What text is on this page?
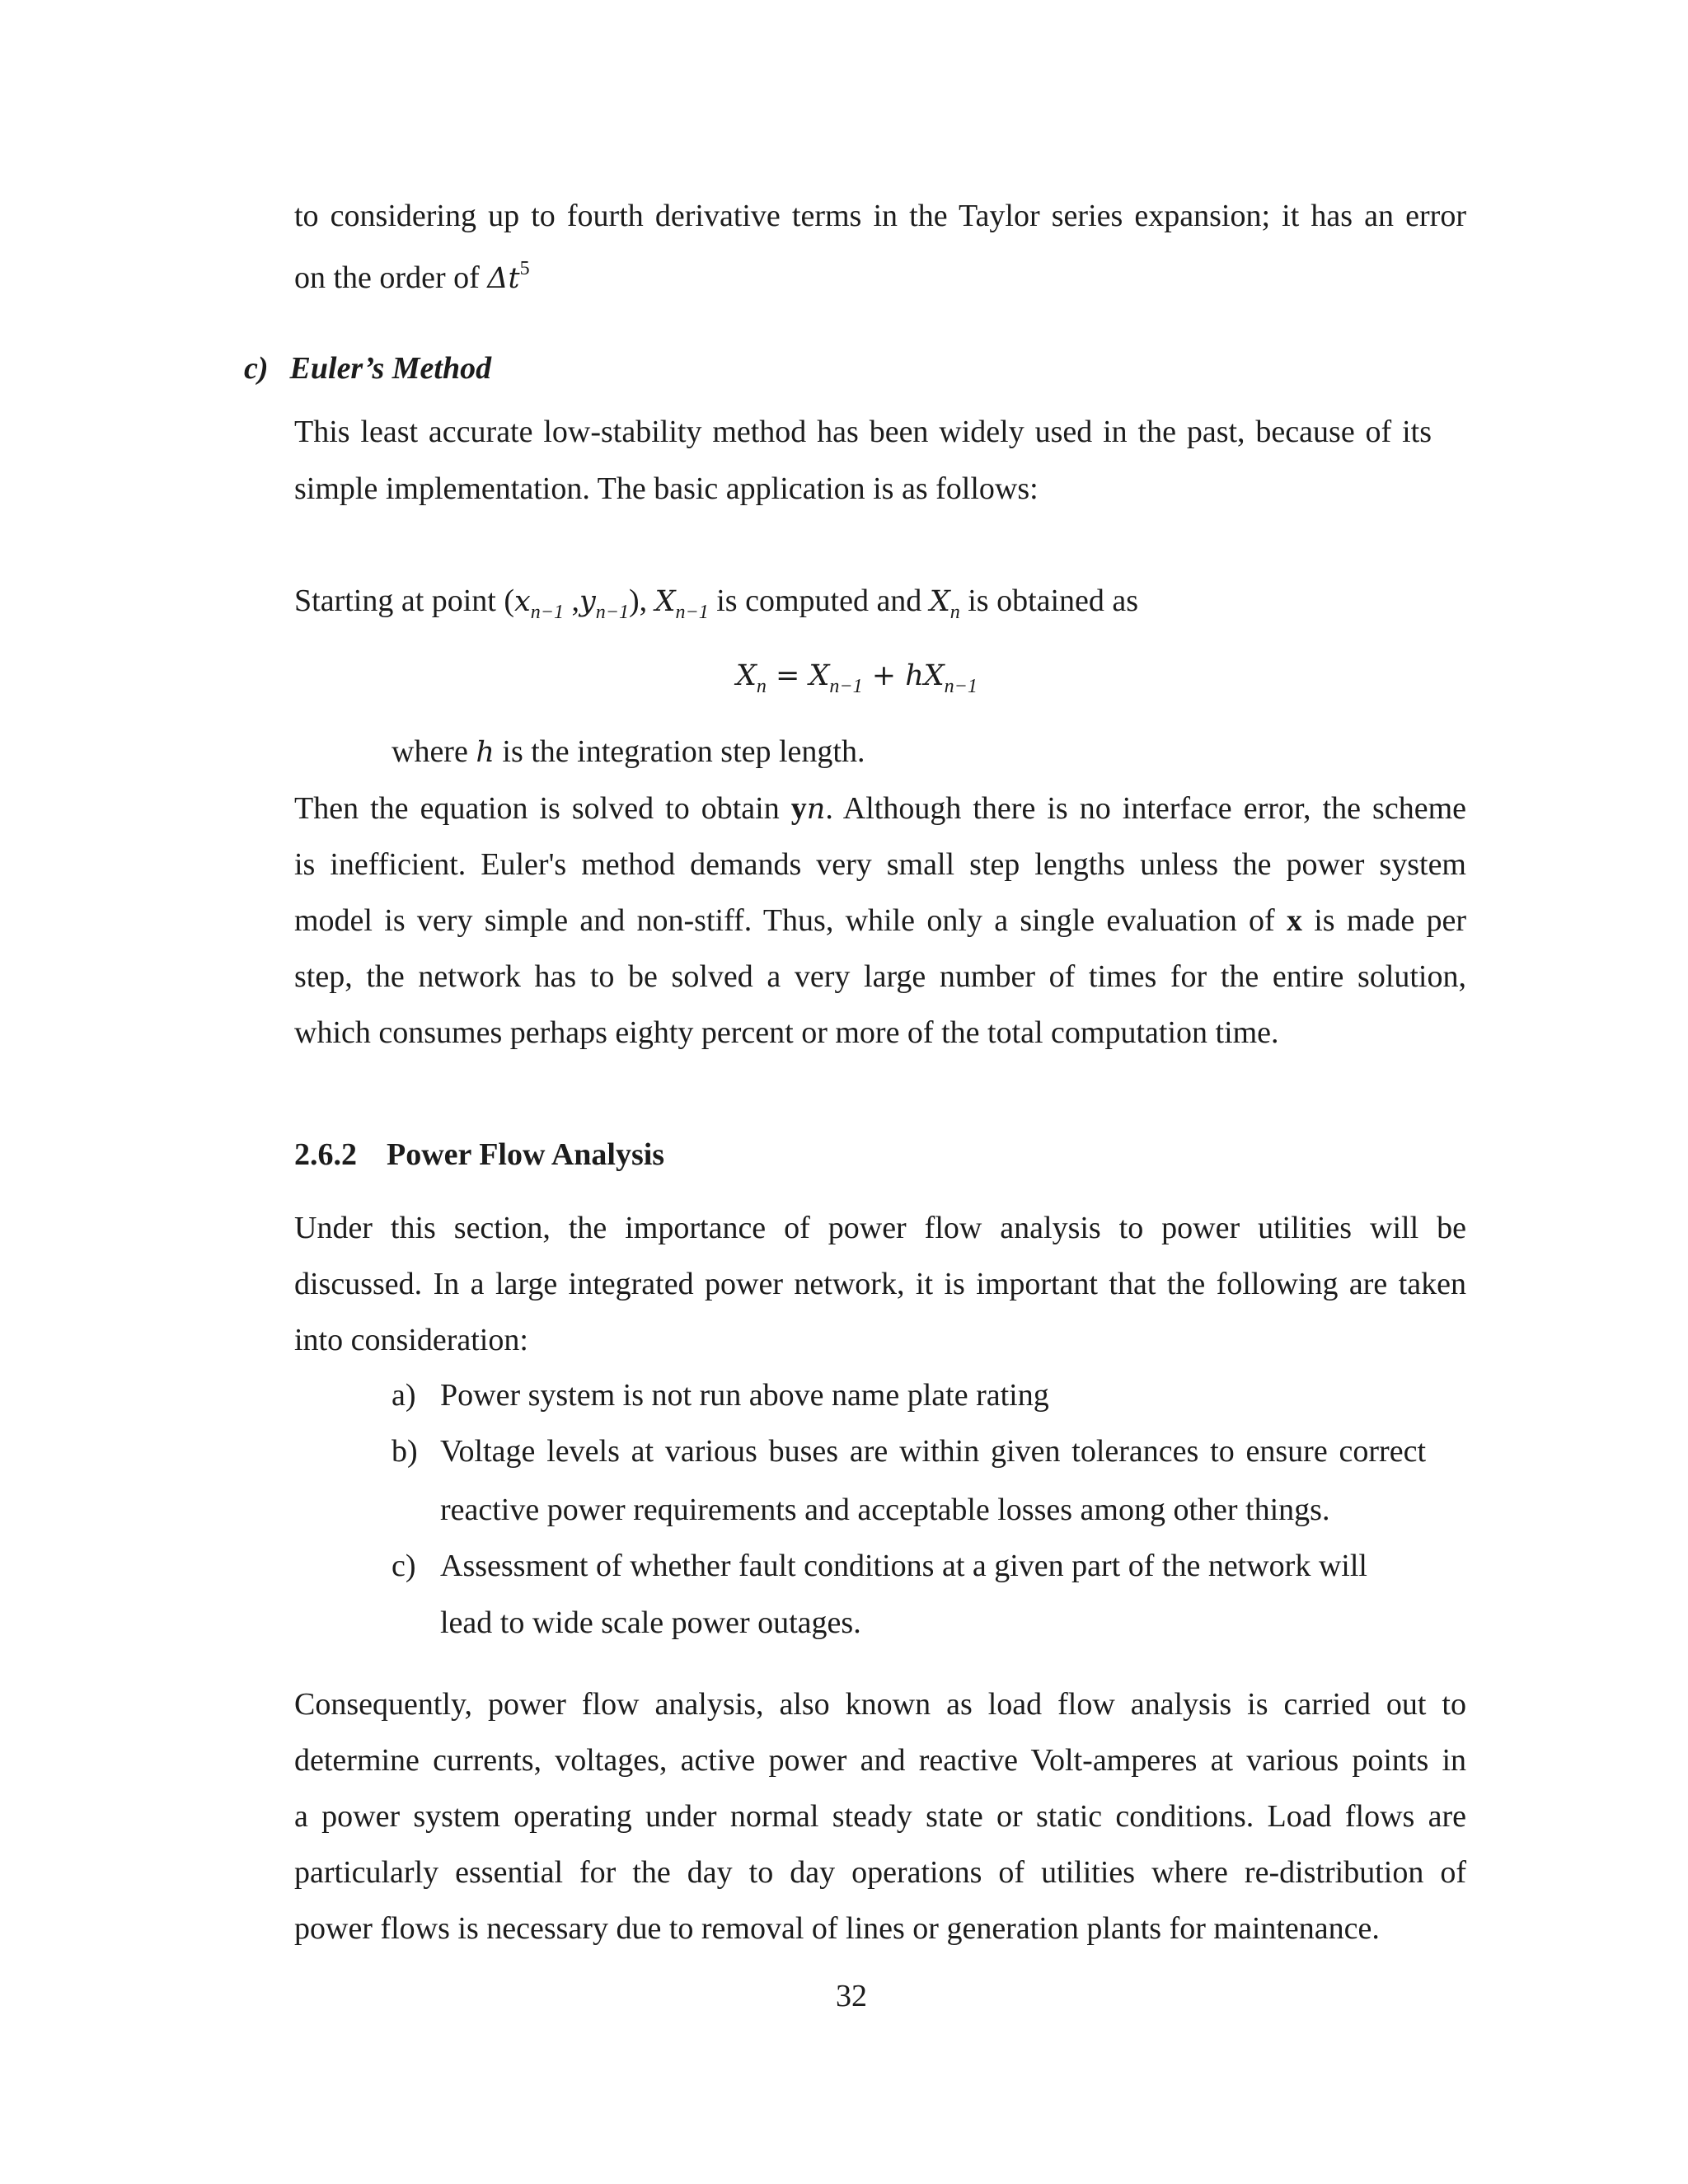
to considering up to fourth derivative terms in the Taylor series expansion; it has an error
on the order of $\Delta t^5$
c) Euler’s Method
This least accurate low-stability method has been widely used in the past, because of its
simple implementation. The basic application is as follows:
Starting at point ($x_{n-1}$ $,y_{n-1}$), $X_{n-1}$ is computed and $X_n$ is obtained as
$X_n = X_{n-1} + hX_{n-1}$
where h is the integration step length.
Then the equation is solved to obtain yn. Although there is no interface error, the scheme
is inefficient. Euler's method demands very small step lengths unless the power system
model is very simple and non-stiff. Thus, while only a single evaluation of x is made per
step, the network has to be solved a very large number of times for the entire solution,
which consumes perhaps eighty percent or more of the total computation time.
2.6.2 Power Flow Analysis
Under this section, the importance of power flow analysis to power utilities will be
discussed. In a large integrated power network, it is important that the following are taken
into consideration:
a) Power system is not run above name plate rating
b) Voltage levels at various buses are within given tolerances to ensure correct
reactive power requirements and acceptable losses among other things.
c) Assessment of whether fault conditions at a given part of the network will
lead to wide scale power outages.
Consequently, power flow analysis, also known as load flow analysis is carried out to
determine currents, voltages, active power and reactive Volt-amperes at various points in
a power system operating under normal steady state or static conditions. Load flows are
particularly essential for the day to day operations of utilities where re-distribution of
power flows is necessary due to removal of lines or generation plants for maintenance.
32
